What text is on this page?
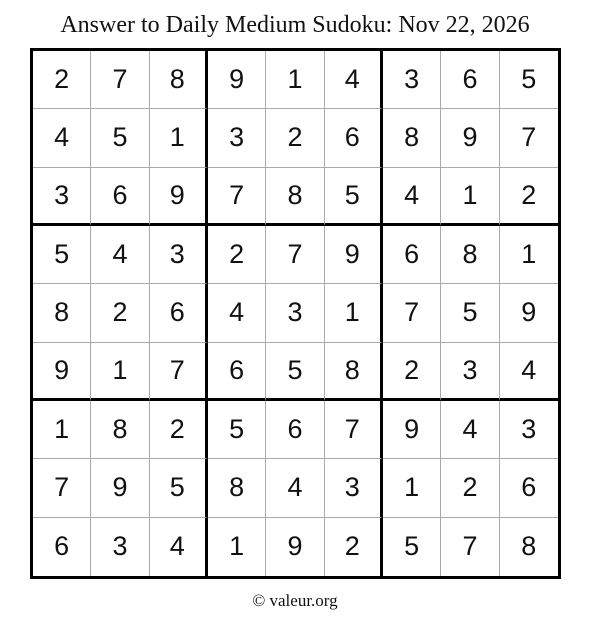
Answer to Daily Medium Sudoku: Nov 22, 2026
2	7	8	9	1	4	3	6	5
4	5	1	3	2	6	8	9	7
3	6	9	7	8	5	4	1	2
5	4	3	2	7	9	6	8	1
8	2	6	4	3	1	7	5	9
9	1	7	6	5	8	2	3	4
1	8	2	5	6	7	9	4	3
7	9	5	8	4	3	1	2	6
6	3	4	1	9	2	5	7	8
© valeur.org
